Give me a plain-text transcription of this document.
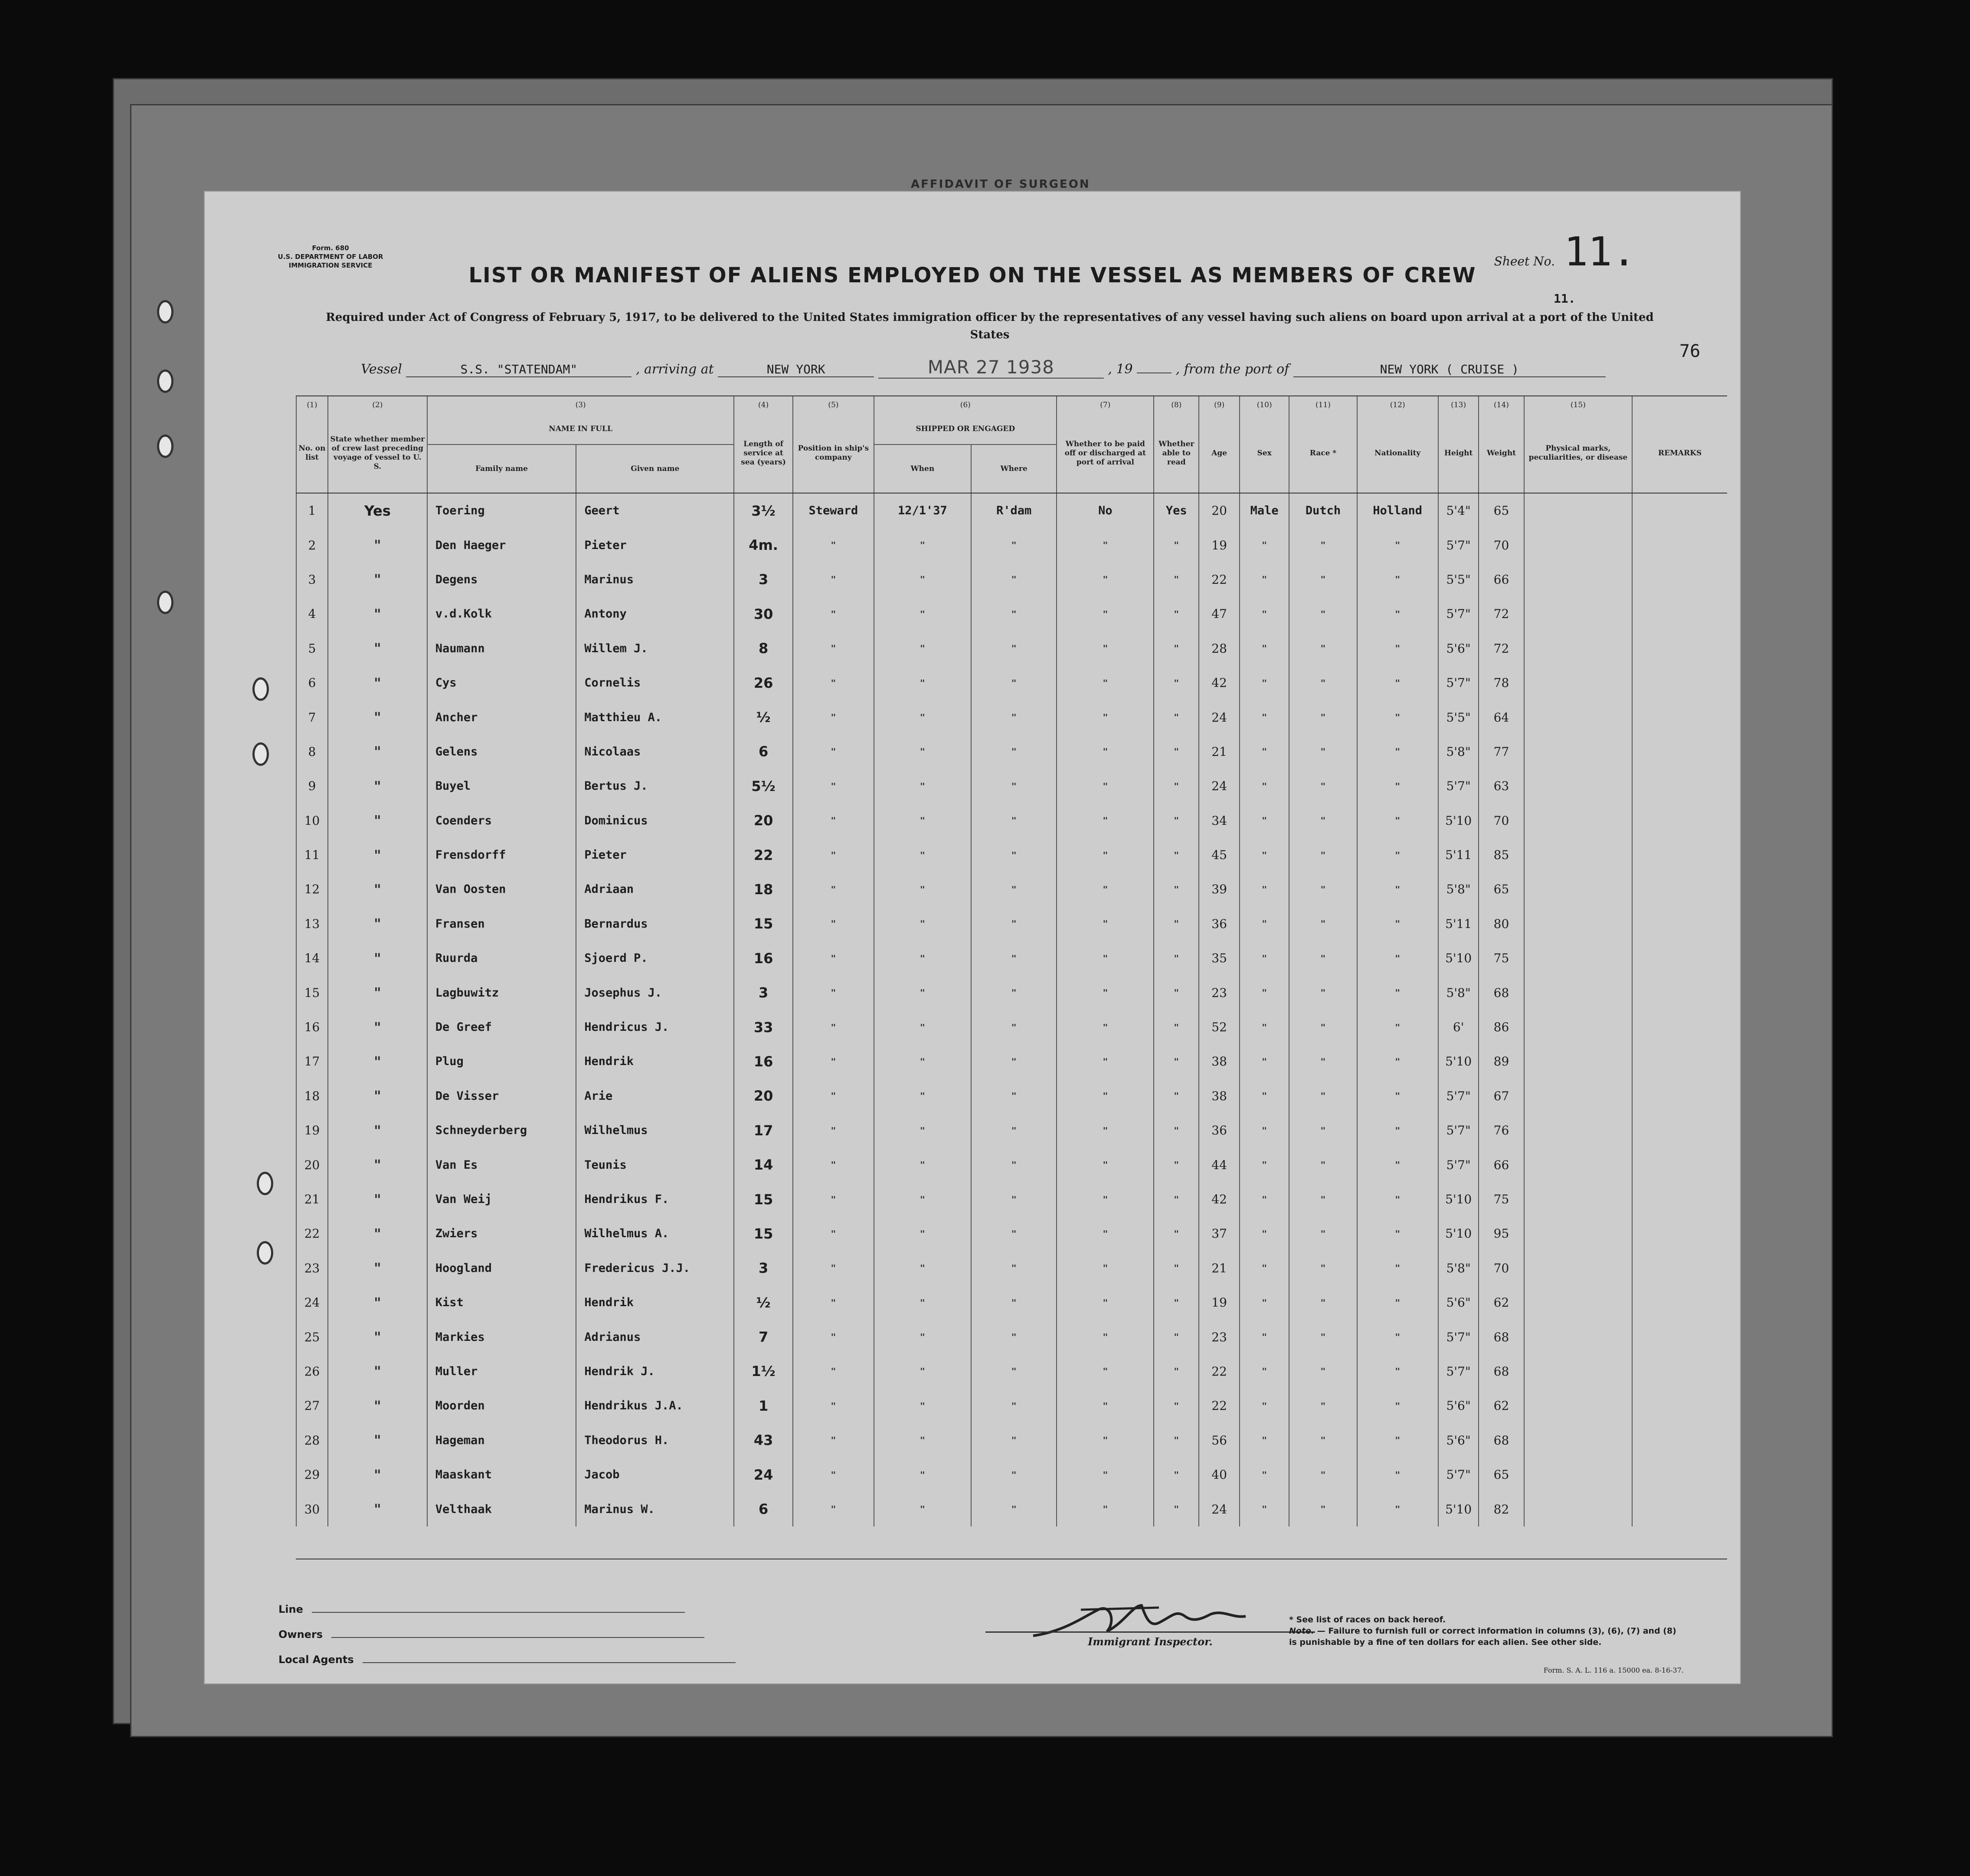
AFFIDAVIT OF SURGEON
Form. 680
U.S. DEPARTMENT OF LABOR
IMMIGRATION SERVICE	Sheet No. 11.
LIST OR MANIFEST OF ALIENS EMPLOYED ON THE VESSEL AS MEMBERS OF CREW
Required under Act of Congress of February 5, 1917, to be delivered to the United States immigration officer by the representatives of any vessel having such aliens on board upon arrival at a port of the United States
11.
76
Vessel	S.S. "STATENDAM"	, arriving at	NEW YORK	MAR 27 1938	, 19	, from the port of	NEW YORK ( CRUISE )
(1)	(2)	(3)		(4)	(5)	(6)		(7)	(8)	(9)	(10)	(11)	(12)	(13)	(14)	(15)	
No. on list	State whether member of crew last preceding voyage of vessel to U. S.	NAME IN FULL		Length of service at sea (years)	Position in ship's company	SHIPPED OR ENGAGED		Whether to be paid off or discharged at port of arrival	Whether able to read	Age	Sex	Race *	Nationality	Height	Weight	Physical marks, peculiarities, or disease	REMARKS
		Family name	Given name			When	Where										
1	Yes	Toering	Geert	3½	Steward	12/1'37	R'dam	No	Yes	20	Male	Dutch	Holland	5'4"	65		
2	"	Den Haeger	Pieter	4m.	"	"	"	"	"	19	"	"	"	5'7"	70		
3	"	Degens	Marinus	3	"	"	"	"	"	22	"	"	"	5'5"	66		
4	"	v.d.Kolk	Antony	30	"	"	"	"	"	47	"	"	"	5'7"	72		
5	"	Naumann	Willem J.	8	"	"	"	"	"	28	"	"	"	5'6"	72		
6	"	Cys	Cornelis	26	"	"	"	"	"	42	"	"	"	5'7"	78		
7	"	Ancher	Matthieu A.	½	"	"	"	"	"	24	"	"	"	5'5"	64		
8	"	Gelens	Nicolaas	6	"	"	"	"	"	21	"	"	"	5'8"	77		
9	"	Buyel	Bertus J.	5½	"	"	"	"	"	24	"	"	"	5'7"	63		
10	"	Coenders	Dominicus	20	"	"	"	"	"	34	"	"	"	5'10	70		
11	"	Frensdorff	Pieter	22	"	"	"	"	"	45	"	"	"	5'11	85		
12	"	Van Oosten	Adriaan	18	"	"	"	"	"	39	"	"	"	5'8"	65		
13	"	Fransen	Bernardus	15	"	"	"	"	"	36	"	"	"	5'11	80		
14	"	Ruurda	Sjoerd P.	16	"	"	"	"	"	35	"	"	"	5'10	75		
15	"	Lagbuwitz	Josephus J.	3	"	"	"	"	"	23	"	"	"	5'8"	68		
16	"	De Greef	Hendricus J.	33	"	"	"	"	"	52	"	"	"	6'	86		
17	"	Plug	Hendrik	16	"	"	"	"	"	38	"	"	"	5'10	89		
18	"	De Visser	Arie	20	"	"	"	"	"	38	"	"	"	5'7"	67		
19	"	Schneyderberg	Wilhelmus	17	"	"	"	"	"	36	"	"	"	5'7"	76		
20	"	Van Es	Teunis	14	"	"	"	"	"	44	"	"	"	5'7"	66		
21	"	Van Weij	Hendrikus F.	15	"	"	"	"	"	42	"	"	"	5'10	75		
22	"	Zwiers	Wilhelmus A.	15	"	"	"	"	"	37	"	"	"	5'10	95		
23	"	Hoogland	Fredericus J.J.	3	"	"	"	"	"	21	"	"	"	5'8"	70		
24	"	Kist	Hendrik	½	"	"	"	"	"	19	"	"	"	5'6"	62		
25	"	Markies	Adrianus	7	"	"	"	"	"	23	"	"	"	5'7"	68		
26	"	Muller	Hendrik J.	1½	"	"	"	"	"	22	"	"	"	5'7"	68		
27	"	Moorden	Hendrikus J.A.	1	"	"	"	"	"	22	"	"	"	5'6"	62		
28	"	Hageman	Theodorus H.	43	"	"	"	"	"	56	"	"	"	5'6"	68		
29	"	Maaskant	Jacob	24	"	"	"	"	"	40	"	"	"	5'7"	65		
30	"	Velthaak	Marinus W.	6	"	"	"	"	"	24	"	"	"	5'10	82		
Line
Owners
Local Agents
Immigrant Inspector.
* See list of races on back hereof.
Note. — Failure to furnish full or correct information in columns (3), (6), (7) and (8) is punishable by a fine of ten dollars for each alien. See other side.
Form. S. A. L. 116 a. 15000 ea. 8-16-37.
